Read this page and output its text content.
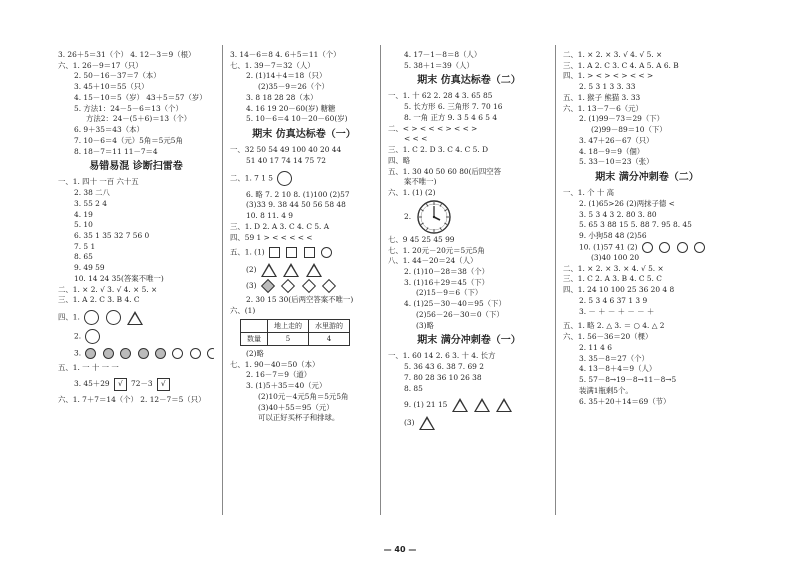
3. 26＋5＝31（个） 4. 12－3＝9（根）

六、1. 26－9＝17（只）

2. 50－16－37＝7（本）

3. 45＋10＝55（只）

4. 15－10＝5（岁） 43＋5＝57（岁）

5. 方法1：24－5－6＝13（个）

方法2：24－(5＋6)＝13（个）

6. 9＋35＝43（本）

7. 10－6＝4（元）5角＝5元5角

8. 18－7＝11 11－7＝4

易错易混 诊断扫雷卷

一、1. 四十 一百 六十五

2. 38 二八

3. 55 2 4

4. 19

5. 10

6. 35 1 35 32 7 56 0

7. 5 1

8. 65

9. 49 59

10. 14 24 35(答案不唯一)

二、1. × 2. √ 3. √ 4. × 5. ×

三、1. A 2. C 3. B 4. C

四、1.

2.

3.

五、1. 一 十 一 一

3. 45＋29 √ 72－3 √

六、1. 7＋7＝14（个） 2. 12－7＝5（只）

3. 14－6＝8 4. 6＋5＝11（个）

七、1. 39－7＝32（人）

2. (1)14＋4＝18（只）

(2)35－9＝26（个）

3. 8 18 28 28（本）

4. 16 19 20－60(岁) 糖糖

5. 10－6＝4 10－20－60(岁)

期末 仿真达标卷（一）

一、32 50 54 49 100 40 20 44

51 40 17 74 14 75 72

二、1. 7 1 5

6. 略 7. 2 10 8. (1)100 (2)57

(3)33 9. 38 44 50 56 58 48

10. 8 11. 4 9

三、1. D 2. A 3. C 4. C 5. A

四、59 1 > < < < < <

五、1. (1)

(2)

(3)

2. 30 15 30(后两空答案不唯一)

六、(1)

	地上走的	水里游的
数量	5	4

(2)略

七、1. 90－40＝50（本）

2. 16－7＝9（道）

3. (1)5＋35＝40（元）

(2)10元－4元5角＝5元5角

(3)40＋55＝95（元）

可以正好买杯子和排球。

4. 17－1－8＝8（人）

5. 38＋1＝39（人）

期末 仿真达标卷（二）

一、1. 十 62 2. 28 4 3. 65 85

5. 长方形 6. 三角形 7. 70 16

8. 一角 正方 9. 3 5 4 6 5 4

二、< > < < < > < < >

< < <

三、1. C 2. D 3. C 4. C 5. D

四、略

五、1. 30 40 50 60 80(后四空答

案不唯一)

六、1. (1) (2)

2.

七、9 45 25 45 99

七、1. 20元－20元＝5元5角

八、1. 44－20＝24（人）

2. (1)10－28＝38（个）

3. (1)16＋29＝45（下）

(2)15－9＝6（下）

4. (1)25－30－40＝95（下）

(2)56－26－30＝0（下）

(3)略

期末 满分冲刺卷（一）

一、1. 60 14 2. 6 3. 十 4. 长方

5. 36 43 6. 38 7. 69 2

7. 80 28 36 10 26 38

8. 85

9. (1) 21 15

(3)

二、1. × 2. × 3. √ 4. √ 5. ×

三、1. A 2. C 3. C 4. A 5. A 6. B

四、1. > < > < > < < >

2. 5 3 1 3 3. 33

五、1. 猴子 熊猫 3. 33

六、1. 13－7－6（元）

2. (1)99－73＝29（下）

(2)99－89＝10（下）

3. 47＋26－67（只）

4. 18－9＝9（個）

5. 33－10＝23（张）

期末 满分冲刺卷（二）

一、1. 个 十 高

2. (1)65>26 (2)两抹子德 <

3. 5 3 4 3 2. 80 3. 80

5. 65 3 88 15 5. 88 7. 95 8. 45

9. 小狗58 48 (2)56

10. (1)57 41 (2)

(3)40 100 20

二、1. × 2. × 3. × 4. √ 5. ×

三、1. C 2. A 3. B 4. C 5. C

四、1. 24 10 100 25 36 20 4 8

2. 5 3 4 6 37 1 3 9

3. － ＋ － ＋ － － ＋

五、1. 略 2. △ 3. ＝ ○ 4. △ 2

六、1. 56－36＝20（棵）

2. 11 4 6

3. 35－8＝27（个）

4. 13－8＋4＝9（人）

5. 57－8→19－8→11－8→5

装满1瓶剩5个。

6. 35＋20＋14＝69（节）

— 40 —
